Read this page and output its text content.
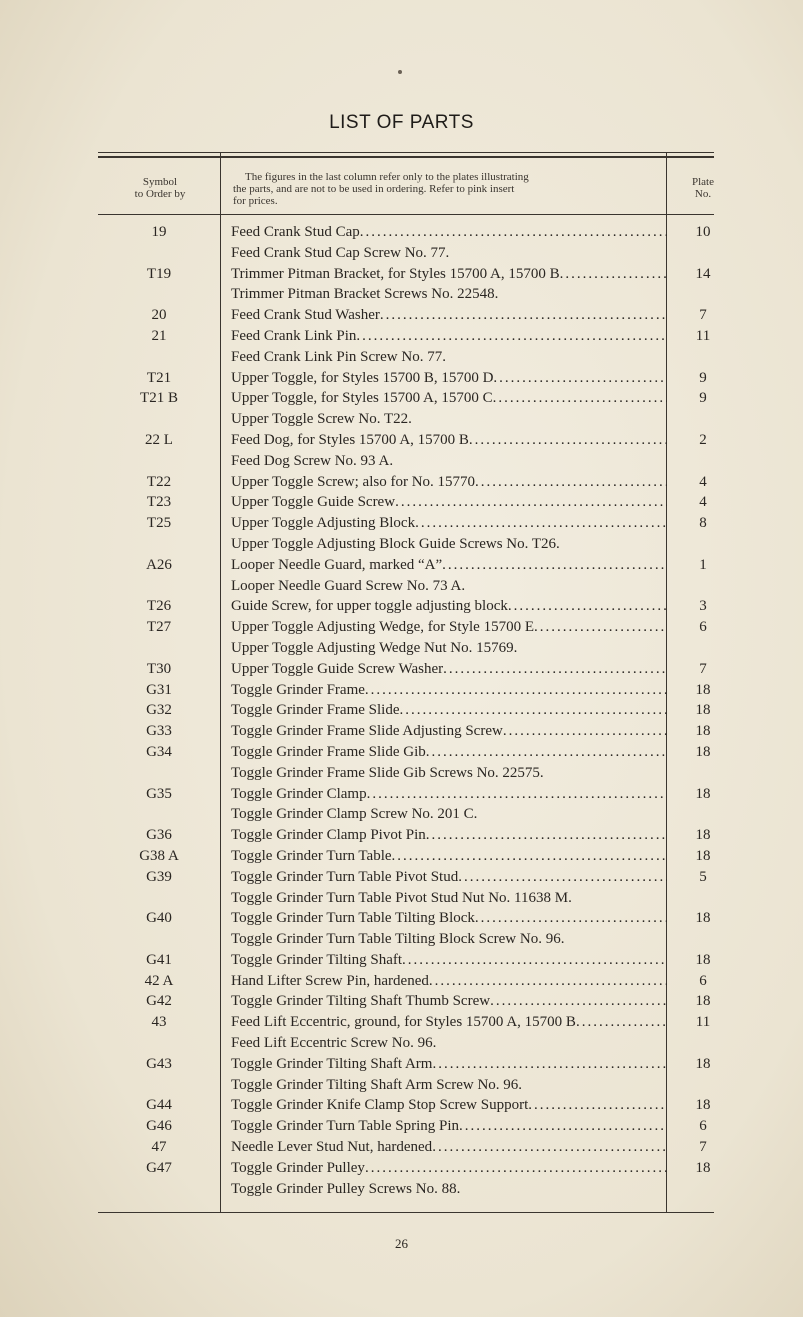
LIST OF PARTS
Symbol
to Order by
The figures in the last column refer only to the plates illustrating
the parts, and are not to be used in ordering. Refer to pink insert
for prices.
Plate
No.
19	Feed Crank Stud Cap .....	10
Feed Crank Stud Cap Screw No. 77.
T19	Trimmer Pitman Bracket, for Styles 15700 A, 15700 B .....	14
Trimmer Pitman Bracket Screws No. 22548.
20	Feed Crank Stud Washer .....	7
21	Feed Crank Link Pin .....	11
Feed Crank Link Pin Screw No. 77.
T21	Upper Toggle, for Styles 15700 B, 15700 D .....	9
T21 B	Upper Toggle, for Styles 15700 A, 15700 C .....	9
Upper Toggle Screw No. T22.
22 L	Feed Dog, for Styles 15700 A, 15700 B .....	2
Feed Dog Screw No. 93 A.
T22	Upper Toggle Screw; also for No. 15770 .....	4
T23	Upper Toggle Guide Screw .....	4
T25	Upper Toggle Adjusting Block .....	8
Upper Toggle Adjusting Block Guide Screws No. T26.
A26	Looper Needle Guard, marked “A” .....	1
Looper Needle Guard Screw No. 73 A.
T26	Guide Screw, for upper toggle adjusting block .....	3
T27	Upper Toggle Adjusting Wedge, for Style 15700 E .....	6
Upper Toggle Adjusting Wedge Nut No. 15769.
T30	Upper Toggle Guide Screw Washer .....	7
G31	Toggle Grinder Frame .....	18
G32	Toggle Grinder Frame Slide .....	18
G33	Toggle Grinder Frame Slide Adjusting Screw .....	18
G34	Toggle Grinder Frame Slide Gib .....	18
Toggle Grinder Frame Slide Gib Screws No. 22575.
G35	Toggle Grinder Clamp .....	18
Toggle Grinder Clamp Screw No. 201 C.
G36	Toggle Grinder Clamp Pivot Pin .....	18
G38 A	Toggle Grinder Turn Table .....	18
G39	Toggle Grinder Turn Table Pivot Stud .....	5
Toggle Grinder Turn Table Pivot Stud Nut No. 11638 M.
G40	Toggle Grinder Turn Table Tilting Block .....	18
Toggle Grinder Turn Table Tilting Block Screw No. 96.
G41	Toggle Grinder Tilting Shaft .....	18
42 A	Hand Lifter Screw Pin, hardened .....	6
G42	Toggle Grinder Tilting Shaft Thumb Screw .....	18
43	Feed Lift Eccentric, ground, for Styles 15700 A, 15700 B .....	11
Feed Lift Eccentric Screw No. 96.
G43	Toggle Grinder Tilting Shaft Arm .....	18
Toggle Grinder Tilting Shaft Arm Screw No. 96.
G44	Toggle Grinder Knife Clamp Stop Screw Support .....	18
G46	Toggle Grinder Turn Table Spring Pin .....	6
47	Needle Lever Stud Nut, hardened .....	7
G47	Toggle Grinder Pulley .....	18
Toggle Grinder Pulley Screws No. 88.
26
